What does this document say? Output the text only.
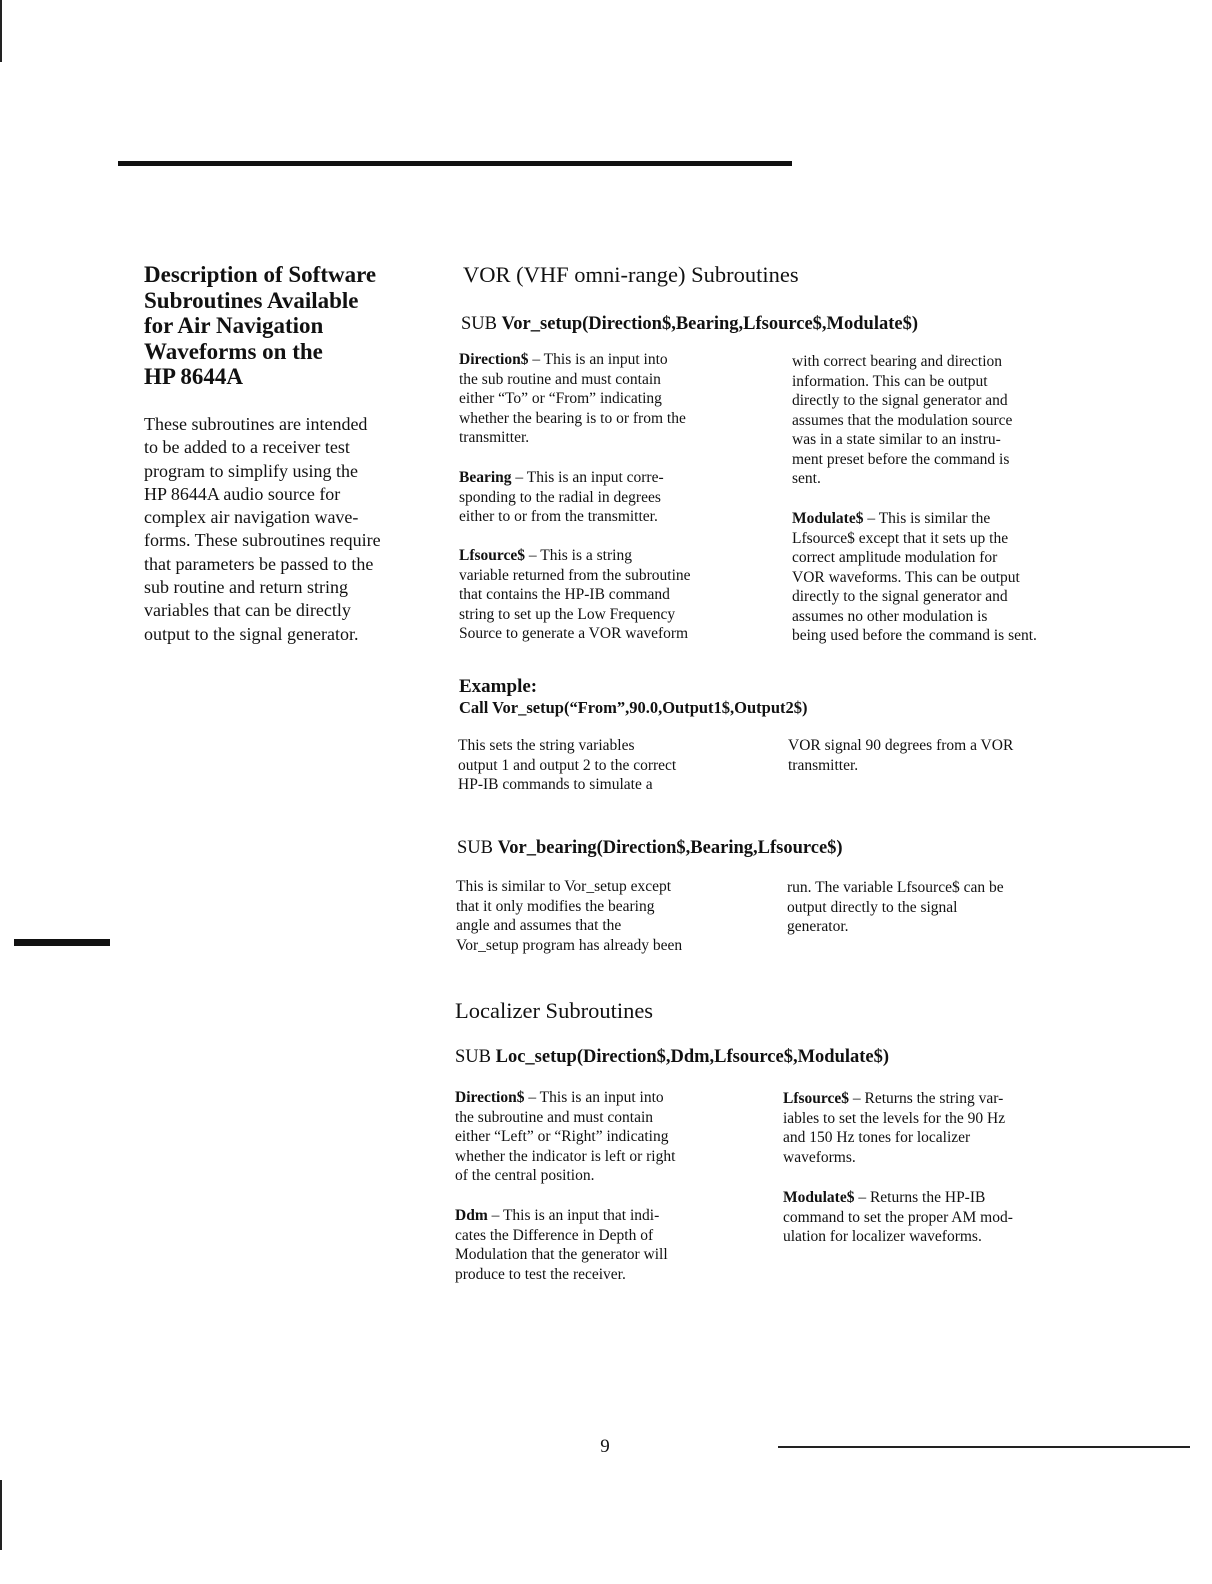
Description of Software
Subroutines Available
for Air Navigation
Waveforms on the
HP 8644A
These subroutines are intended
to be added to a receiver test
program to simplify using the
HP 8644A audio source for
complex air navigation wave-
forms. These subroutines require
that parameters be passed to the
sub routine and return string
variables that can be directly
output to the signal generator.
VOR (VHF omni-range) Subroutines
SUB Vor_setup(Direction$,Bearing,Lfsource$,Modulate$)
Direction$ – This is an input into
the sub routine and must contain
either “To” or “From” indicating
whether the bearing is to or from the
transmitter.
Bearing – This is an input corre-
sponding to the radial in degrees
either to or from the transmitter.
Lfsource$ – This is a string
variable returned from the subroutine
that contains the HP-IB command
string to set up the Low Frequency
Source to generate a VOR waveform
with correct bearing and direction
information. This can be output
directly to the signal generator and
assumes that the modulation source
was in a state similar to an instru-
ment preset before the command is
sent.
Modulate$ – This is similar the
Lfsource$ except that it sets up the
correct amplitude modulation for
VOR waveforms. This can be output
directly to the signal generator and
assumes no other modulation is
being used before the command is sent.
Example:
Call Vor_setup(“From”,90.0,Output1$,Output2$)
This sets the string variables
output 1 and output 2 to the correct
HP-IB commands to simulate a
VOR signal 90 degrees from a VOR
transmitter.
SUB Vor_bearing(Direction$,Bearing,Lfsource$)
This is similar to Vor_setup except
that it only modifies the bearing
angle and assumes that the
Vor_setup program has already been
run. The variable Lfsource$ can be
output directly to the signal
generator.
Localizer Subroutines
SUB Loc_setup(Direction$,Ddm,Lfsource$,Modulate$)
Direction$ – This is an input into
the subroutine and must contain
either “Left” or “Right” indicating
whether the indicator is left or right
of the central position.
Ddm – This is an input that indi-
cates the Difference in Depth of
Modulation that the generator will
produce to test the receiver.
Lfsource$ – Returns the string var-
iables to set the levels for the 90 Hz
and 150 Hz tones for localizer
waveforms.
Modulate$ – Returns the HP-IB
command to set the proper AM mod-
ulation for localizer waveforms.
9
